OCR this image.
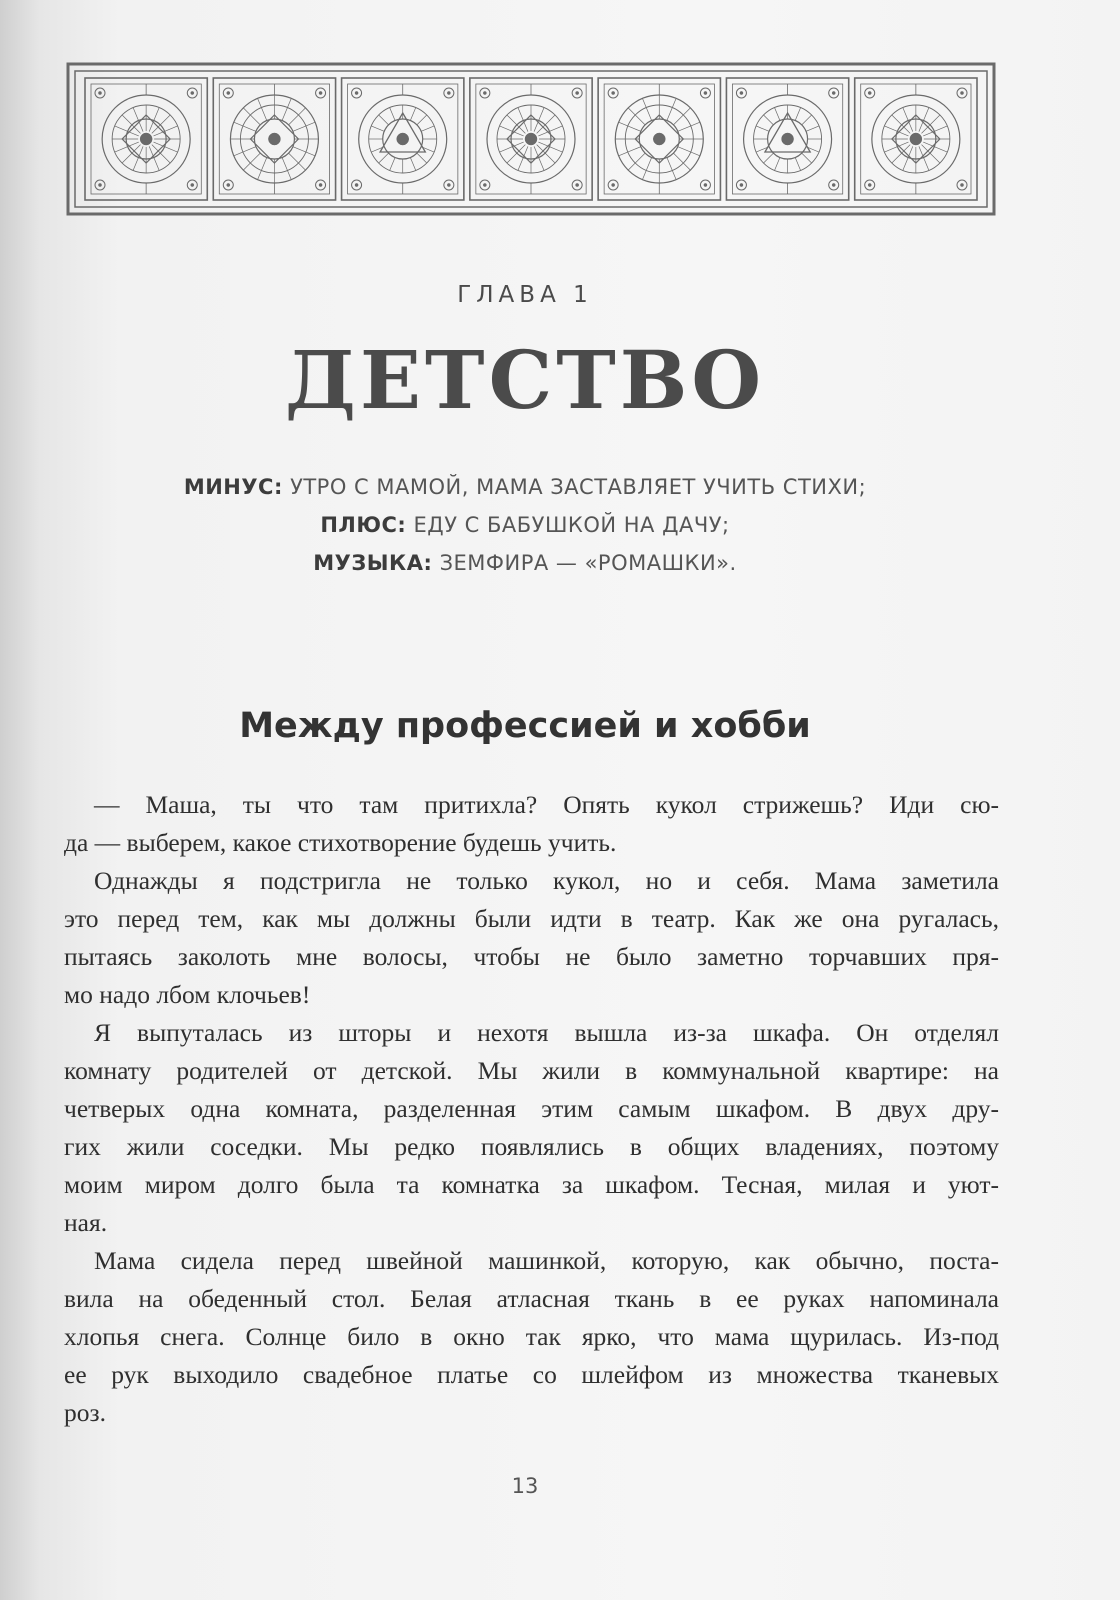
ГЛАВА 1
ДЕТСТВО
МИНУС: УТРО С МАМОЙ, МАМА ЗАСТАВЛЯЕТ УЧИТЬ СТИХИ;
ПЛЮС: ЕДУ С БАБУШКОЙ НА ДАЧУ;
МУЗЫКА: ЗЕМФИРА — «РОМАШКИ».
Между профессией и хобби
— Маша, ты что там притихла? Опять кукол стрижешь? Иди сю-
да — выберем, какое стихотворение будешь учить.
Однажды я подстригла не только кукол, но и себя. Мама заметила
это перед тем, как мы должны были идти в театр. Как же она ругалась,
пытаясь заколоть мне волосы, чтобы не было заметно торчавших пря-
мо надо лбом клочьев!
Я выпуталась из шторы и нехотя вышла из-за шкафа. Он отделял
комнату родителей от детской. Мы жили в коммунальной квартире: на
четверых одна комната, разделенная этим самым шкафом. В двух дру-
гих жили соседки. Мы редко появлялись в общих владениях, поэтому
моим миром долго была та комнатка за шкафом. Тесная, милая и уют-
ная.
Мама сидела перед швейной машинкой, которую, как обычно, поста-
вила на обеденный стол. Белая атласная ткань в ее руках напоминала
хлопья снега. Солнце било в окно так ярко, что мама щурилась. Из-под
ее рук выходило свадебное платье со шлейфом из множества тканевых
роз.
13
